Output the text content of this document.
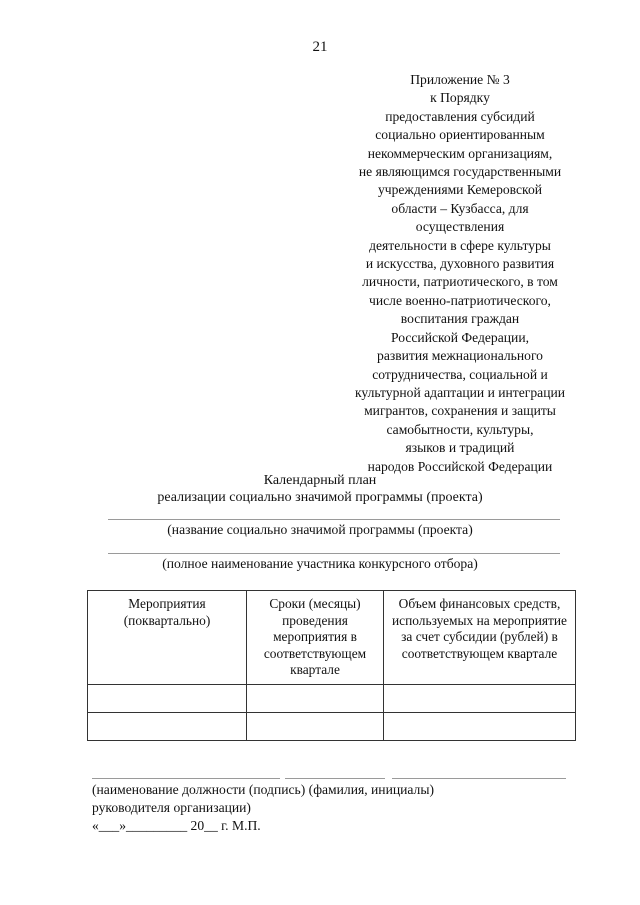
21
Приложение № 3
к Порядку
предоставления субсидий
социально ориентированным
некоммерческим организациям,
не являющимся государственными
учреждениями Кемеровской
области – Кузбасса, для
осуществления
деятельности в сфере культуры
и искусства, духовного развития
личности, патриотического, в том
числе военно-патриотического,
воспитания граждан
Российской Федерации,
развития межнационального
сотрудничества, социальной и
культурной адаптации и интеграции
мигрантов, сохранения и защиты
самобытности, культуры,
языков и традиций
народов Российской Федерации
Календарный план
реализации социально значимой программы (проекта)
(название социально значимой программы (проекта)
(полное наименование участника конкурсного отбора)
Мероприятия (поквартально)	Сроки (месяцы) проведения мероприятия в соответствующем квартале	Объем финансовых средств, используемых на мероприятие за счет субсидии (рублей) в соответствующем квартале

(наименование должности (подпись) (фамилия, инициалы)
руководителя организации)
«___»_________ 20__ г. М.П.
